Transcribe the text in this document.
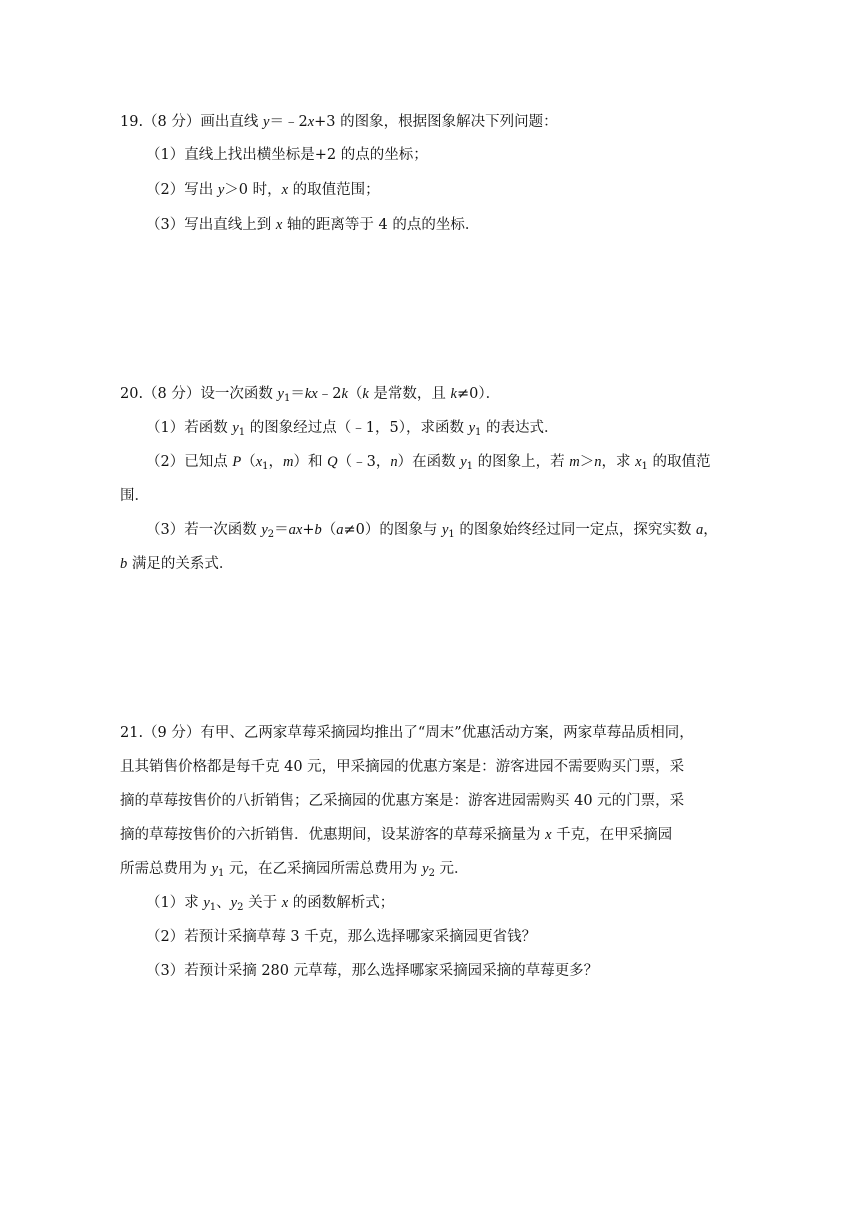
19.（8 分）画出直线 y＝﹣2x+3 的图象，根据图象解决下列问题：
（1）直线上找出横坐标是+2 的点的坐标；
（2）写出 y＞0 时，x 的取值范围；
（3）写出直线上到 x 轴的距离等于 4 的点的坐标．
20.（8 分）设一次函数 $y_1=kx﹣2k(k$ 是常数，且 k≠0）．
（1）若函数 $y_1$ 的图象经过点（﹣1，5），求函数 $y_1$ 的表达式．
（2）已知点 $P(x_1$，m）和 Q（﹣3，n）在函数 $y_1$ 的图象上，若 m＞n，求 $x_1$ 的取值范
围．
（3）若一次函数 $y_2=ax+b(a\ne 0)$的图象与 $y_1$ 的图象始终经过同一定点，探究实数 a，
b 满足的关系式．
21.（9 分）有甲、乙两家草莓采摘园均推出了“周末”优惠活动方案，两家草莓品质相同，
且其销售价格都是每千克 40 元，甲采摘园的优惠方案是：游客进园不需要购买门票，采
摘的草莓按售价的八折销售；乙采摘园的优惠方案是：游客进园需购买 40 元的门票，采
摘的草莓按售价的六折销售．优惠期间，设某游客的草莓采摘量为 x 千克，在甲采摘园
所需总费用为 $y_1$ 元，在乙采摘园所需总费用为 $y_2$ 元．
（1）求 $y_1$、$y_2$ 关于 x 的函数解析式；
（2）若预计采摘草莓 3 千克，那么选择哪家采摘园更省钱？
（3）若预计采摘 280 元草莓，那么选择哪家采摘园采摘的草莓更多？
